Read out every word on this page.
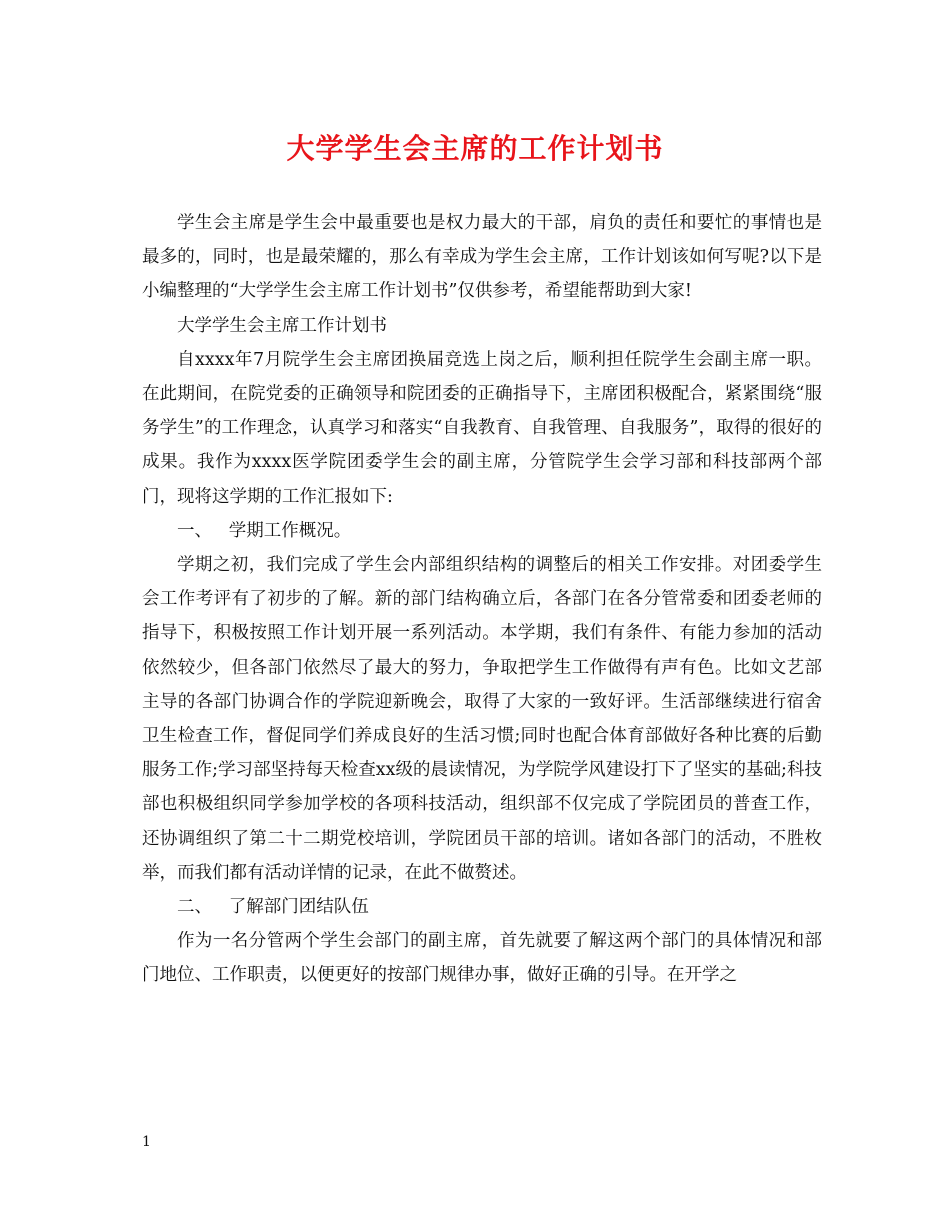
大学学生会主席的工作计划书

学生会主席是学生会中最重要也是权力最大的干部，肩负的责任和要忙的事情也是最多的，同时，也是最荣耀的，那么有幸成为学生会主席，工作计划该如何写呢?以下是小编整理的“大学学生会主席工作计划书”仅供参考，希望能帮助到大家!

大学学生会主席工作计划书

自xxxx年7月院学生会主席团换届竞选上岗之后，顺利担任院学生会副主席一职。在此期间，在院党委的正确领导和院团委的正确指导下，主席团积极配合，紧紧围绕“服务学生”的工作理念，认真学习和落实“自我教育、自我管理、自我服务”，取得的很好的成果。我作为xxxx医学院团委学生会的副主席，分管院学生会学习部和科技部两个部门，现将这学期的工作汇报如下:

一、   学期工作概况。

学期之初，我们完成了学生会内部组织结构的调整后的相关工作安排。对团委学生会工作考评有了初步的了解。新的部门结构确立后，各部门在各分管常委和团委老师的指导下，积极按照工作计划开展一系列活动。本学期，我们有条件、有能力参加的活动依然较少，但各部门依然尽了最大的努力，争取把学生工作做得有声有色。比如文艺部主导的各部门协调合作的学院迎新晚会，取得了大家的一致好评。生活部继续进行宿舍卫生检查工作，督促同学们养成良好的生活习惯;同时也配合体育部做好各种比赛的后勤服务工作;学习部坚持每天检查xx级的晨读情况，为学院学风建设打下了坚实的基础;科技部也积极组织同学参加学校的各项科技活动，组织部不仅完成了学院团员的普查工作，还协调组织了第二十二期党校培训，学院团员干部的培训。诸如各部门的活动，不胜枚举，而我们都有活动详情的记录，在此不做赘述。

二、   了解部门团结队伍

作为一名分管两个学生会部门的副主席，首先就要了解这两个部门的具体情况和部门地位、工作职责，以便更好的按部门规律办事，做好正确的引导。在开学之

1
